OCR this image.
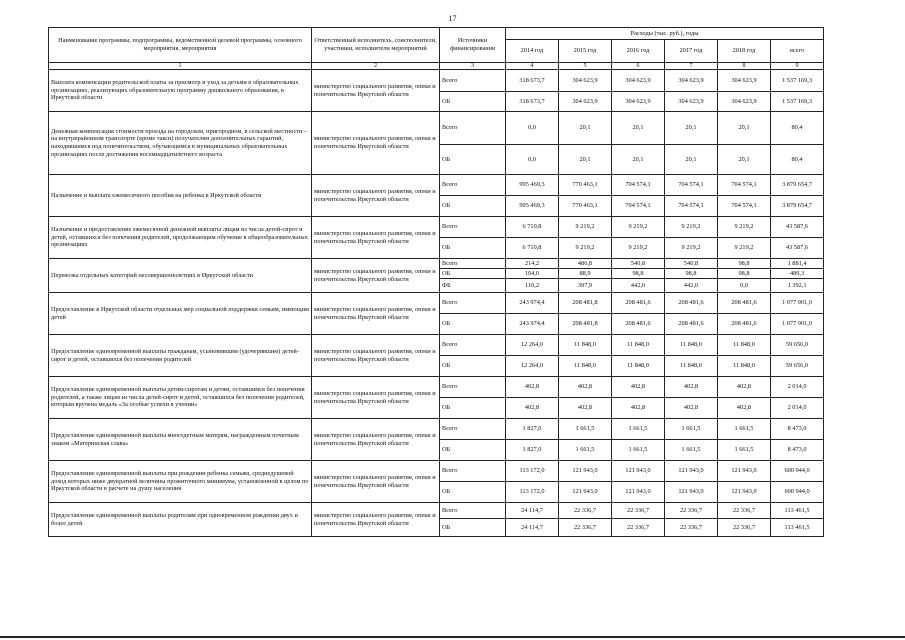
17
Наименование программы, подпрограммы, ведомственной целевой программы, основного мероприятия, мероприятия	Ответственный исполнитель, соисполнители, участники, исполнители мероприятий	Источники финансирования	Расходы (тыс. руб.), годы					
			2014 год	2015 год	2016 год	2017 год	2018 год	всего
1	2	3	4	5	6	7	8	9
Выплата компенсации родительской платы за присмотр и уход за детьми в образовательных организациях, реализующих образовательную программу дошкольного образования, в Иркутской области	министерство социального развития, опеки и попечительства Иркутской области	Всего	318 673,7	304 623,9	304 623,9	304 623,9	304 623,9	1 537 169,3
		ОБ	318 673,7	304 623,9	304 623,9	304 623,9	304 623,9	1 537 169,3
Денежная компенсация стоимости проезда на городском, пригородном, в сельской местности – на внутрирайонном транспорте (кроме такси) получателям дополнительных гарантий, находившимся под попечительством, обучающимся в муниципальных образовательных организациях после достижения восемнадцатилетнего возраста	министерство социального развития, опеки и попечительства Иркутской области	Всего	0,0	20,1	20,1	20,1	20,1	80,4
		ОБ	0,0	20,1	20,1	20,1	20,1	80,4
Назначение и выплата ежемесячного пособия на ребенка в Иркутской области	министерство социального развития, опеки и попечительства Иркутской области	Всего	995 469,3	770 463,1	704 574,1	704 574,1	704 574,1	3 879 654,7
		ОБ	995 469,3	770 463,1	704 574,1	704 574,1	704 574,1	3 879 654,7
Назначение и предоставление ежемесячной денежной выплаты лицам из числа детей-сирот и детей, оставшихся без попечения родителей, продолжающим обучение в общеобразовательных организациях	министерство социального развития, опеки и попечительства Иркутской области	Всего	6 710,8	9 219,2	9 219,2	9 219,2	9 219,2	43 587,6
		ОБ	6 710,8	9 219,2	9 219,2	9 219,2	9 219,2	43 587,6
Перевозка отдельных категорий несовершеннолетних в Иркутской области	министерство социального развития, опеки и попечительства Иркутской области	Всего	214,2	486,8	540,8	540,8	98,8	1 881,4
		ОБ	104,0	88,9	98,8	98,8	98,8	489,3
		ФБ	110,2	397,9	442,0	442,0	0,0	1 392,1
Предоставление в Иркутской области отдельных мер социальной поддержки семьям, имеющим детей	министерство социального развития, опеки и попечительства Иркутской области	Всего	243 974,4	208 481,8	208 481,6	208 481,6	208 481,6	1 077 901,0
		ОБ	243 974,4	208 481,8	208 481,6	208 481,6	208 481,6	1 077 901,0
Предоставление единовременной выплаты гражданам, усыновившим (удочерившим) детей-сирот и детей, оставшихся без попечения родителей	министерство социального развития, опеки и попечительства Иркутской области	Всего	12 264,0	11 848,0	11 848,0	11 848,0	11 848,0	59 656,0
		ОБ	12 264,0	11 848,0	11 848,0	11 848,0	11 848,0	59 656,0
Предоставление единовременной выплаты детям-сиротам и детям, оставшимся без попечения родителей, а также лицам из числа детей-сирот и детей, оставшихся без попечения родителей, которым вручена медаль «За особые успехи в учении»	министерство социального развития, опеки и попечительства Иркутской области	Всего	402,8	402,8	402,8	402,8	402,8	2 014,0
		ОБ	402,8	402,8	402,8	402,8	402,8	2 014,0
Предоставление единовременной выплаты многодетным матерям, награжденным почетным знаком «Материнская слава»	министерство социального развития, опеки и попечительства Иркутской области	Всего	1 827,0	1 661,5	1 661,5	1 661,5	1 661,5	8 473,0
		ОБ	1 827,0	1 661,5	1 661,5	1 661,5	1 661,5	8 473,0
Предоставление единовременной выплаты при рождении ребенка семьям, среднедушевой доход которых ниже двукратной величины прожиточного минимума, установленной в целом по Иркутской области в расчете на душу населения	министерство социального развития, опеки и попечительства Иркутской области	Всего	113 172,0	121 943,0	121 943,0	121 943,0	121 943,0	600 944,0
		ОБ	113 172,0	121 943,0	121 943,0	121 943,0	121 943,0	600 944,0
Предоставление единовременной выплаты родителям при одновременном рождении двух и более детей	министерство социального развития, опеки и попечительства Иркутской области	Всего	24 114,7	22 336,7	22 336,7	22 336,7	22 336,7	113 461,5
		ОБ	24 114,7	22 336,7	22 336,7	22 336,7	22 336,7	113 461,5
